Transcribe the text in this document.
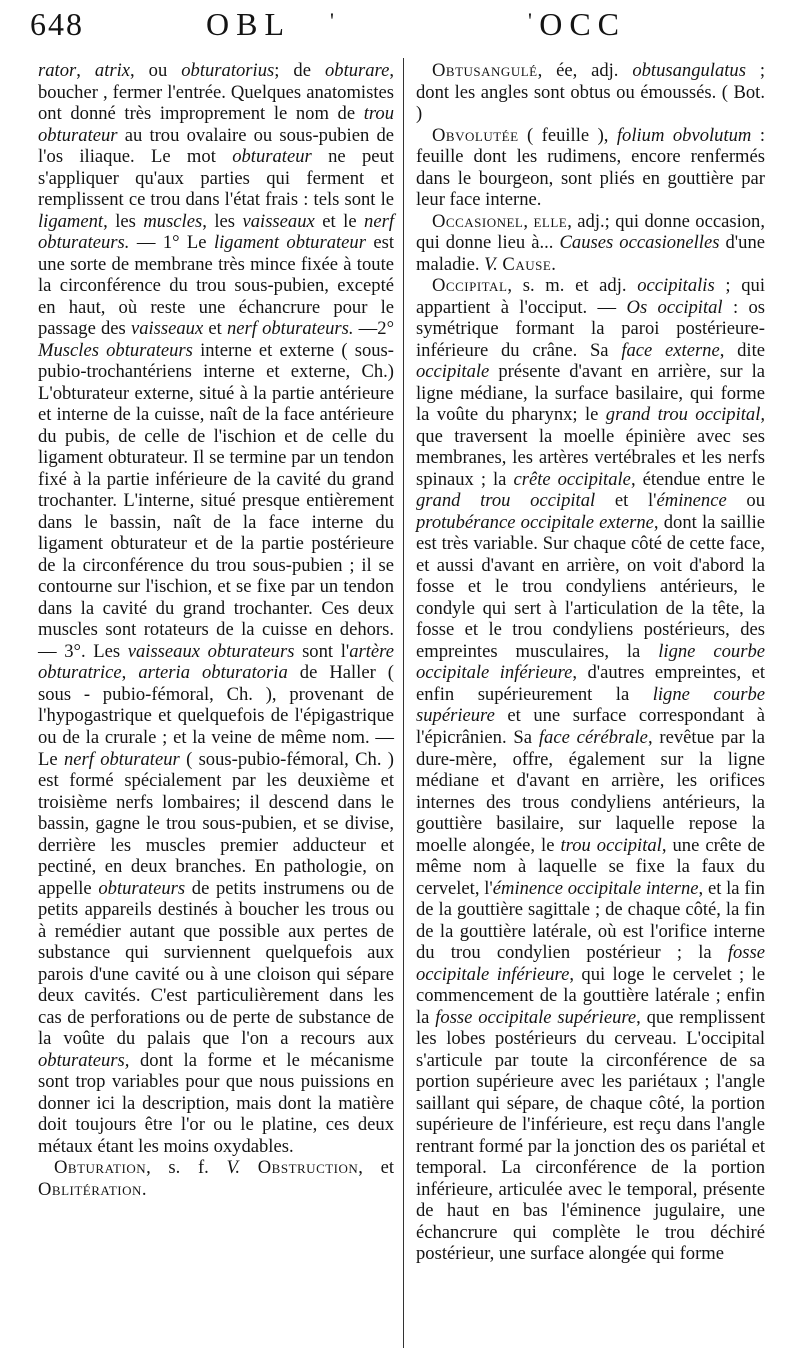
648	OBL '	' OCC

rator, atrix, ou obturatorius; de obturare, boucher , fermer l'entrée. Quelques anatomistes ont donné très improprement le nom de trou obturateur au trou ovalaire ou sous-pubien de l'os iliaque. Le mot obturateur ne peut s'appliquer qu'aux parties qui ferment et remplissent ce trou dans l'état frais : tels sont le ligament, les muscles, les vaisseaux et le nerf obturateurs. — 1° Le ligament obturateur est une sorte de membrane très mince fixée à toute la circonférence du trou sous-pubien, excepté en haut, où reste une échancrure pour le passage des vaisseaux et nerf obturateurs. —2° Muscles obturateurs interne et externe ( sous-pubio-trochantériens interne et externe, Ch.) L'obturateur externe, situé à la partie antérieure et interne de la cuisse, naît de la face antérieure du pubis, de celle de l'ischion et de celle du ligament obturateur. Il se termine par un tendon fixé à la partie inférieure de la cavité du grand trochanter. L'interne, situé presque entièrement dans le bassin, naît de la face interne du ligament obturateur et de la partie postérieure de la circonférence du trou sous-pubien ; il se contourne sur l'ischion, et se fixe par un tendon dans la cavité du grand trochanter. Ces deux muscles sont rotateurs de la cuisse en dehors. — 3°. Les vaisseaux obturateurs sont l'artère obturatrice, arteria obturatoria de Haller ( sous - pubio-fémoral, Ch. ), provenant de l'hypogastrique et quelquefois de l'épigastrique ou de la crurale ; et la veine de même nom. — Le nerf obturateur ( sous-pubio-fémoral, Ch. ) est formé spécialement par les deuxième et troisième nerfs lombaires; il descend dans le bassin, gagne le trou sous-pubien, et se divise, derrière les muscles premier adducteur et pectiné, en deux branches. En pathologie, on appelle obturateurs de petits instrumens ou de petits appareils destinés à boucher les trous ou à remédier autant que possible aux pertes de substance qui surviennent quelquefois aux parois d'une cavité ou à une cloison qui sépare deux cavités. C'est particulièrement dans les cas de perforations ou de perte de substance de la voûte du palais que l'on a recours aux obturateurs, dont la forme et le mécanisme sont trop variables pour que nous puissions en donner ici la description, mais dont la matière doit toujours être l'or ou le platine, ces deux métaux étant les moins oxydables.

Obturation, s. f. V. Obstruction, et Oblitération.

Obtusangulé, ée, adj. obtusangulatus ; dont les angles sont obtus ou émoussés. ( Bot. )

Obvolutée ( feuille ), folium obvolutum : feuille dont les rudimens, encore renfermés dans le bourgeon, sont pliés en gouttière par leur face interne.

Occasionel, elle, adj.; qui donne occasion, qui donne lieu à... Causes occasionelles d'une maladie. V. Cause.

Occipital, s. m. et adj. occipitalis ; qui appartient à l'occiput. — Os occipital : os symétrique formant la paroi postérieure-inférieure du crâne. Sa face externe, dite occipitale présente d'avant en arrière, sur la ligne médiane, la surface basilaire, qui forme la voûte du pharynx; le grand trou occipital, que traversent la moelle épinière avec ses membranes, les artères vertébrales et les nerfs spinaux ; la crête occipitale, étendue entre le grand trou occipital et l'éminence ou protubérance occipitale externe, dont la saillie est très variable. Sur chaque côté de cette face, et aussi d'avant en arrière, on voit d'abord la fosse et le trou condyliens antérieurs, le condyle qui sert à l'articulation de la tête, la fosse et le trou condyliens postérieurs, des empreintes musculaires, la ligne courbe occipitale inférieure, d'autres empreintes, et enfin supérieurement la ligne courbe supérieure et une surface correspondant à l'épicrânien. Sa face cérébrale, revêtue par la dure-mère, offre, également sur la ligne médiane et d'avant en arrière, les orifices internes des trous condyliens antérieurs, la gouttière basilaire, sur laquelle repose la moelle alongée, le trou occipital, une crête de même nom à laquelle se fixe la faux du cervelet, l'éminence occipitale interne, et la fin de la gouttière sagittale ; de chaque côté, la fin de la gouttière latérale, où est l'orifice interne du trou condylien postérieur ; la fosse occipitale inférieure, qui loge le cervelet ; le commencement de la gouttière latérale ; enfin la fosse occipitale supérieure, que remplissent les lobes postérieurs du cerveau. L'occipital s'articule par toute la circonférence de sa portion supérieure avec les pariétaux ; l'angle saillant qui sépare, de chaque côté, la portion supérieure de l'inférieure, est reçu dans l'angle rentrant formé par la jonction des os pariétal et temporal. La circonférence de la portion inférieure, articulée avec le temporal, présente de haut en bas l'éminence jugulaire, une échancrure qui complète le trou déchiré postérieur, une surface alongée qui forme
